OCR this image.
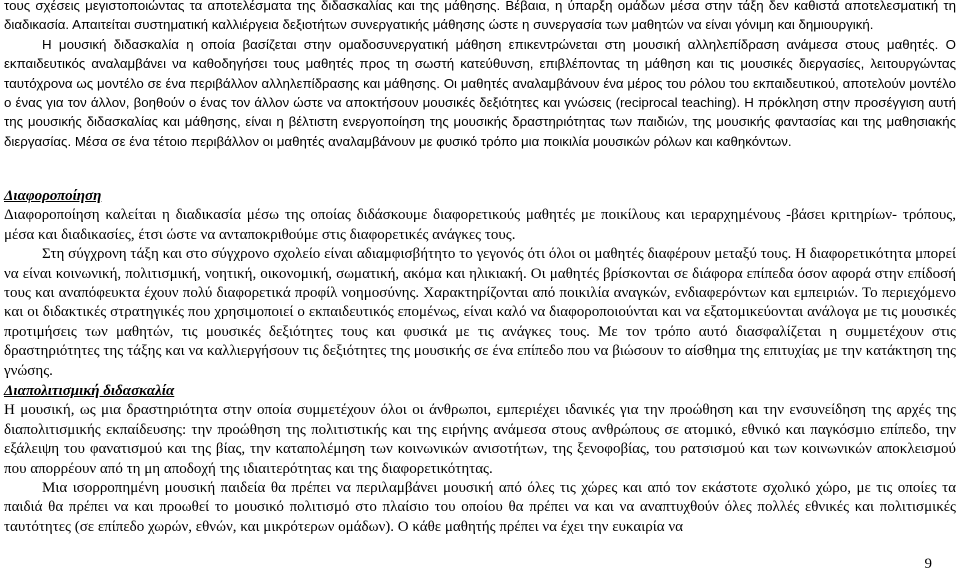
τους σχέσεις μεγιστοποιώντας τα αποτελέσματα της διδασκαλίας και της μάθησης. Βέβαια, η ύπαρξη ομάδων μέσα στην τάξη δεν καθιστά αποτελεσματική τη διαδικασία. Απαιτείται συστηματική καλλιέργεια δεξιοτήτων συνεργατικής μάθησης ώστε η συνεργασία των μαθητών να είναι γόνιμη και δημιουργική.

Η μουσική διδασκαλία η οποία βασίζεται στην ομαδοσυνεργατική μάθηση επικεντρώνεται στη μουσική αλληλεπίδραση ανάμεσα στους μαθητές. Ο εκπαιδευτικός αναλαμβάνει να καθοδηγήσει τους μαθητές προς τη σωστή κατεύθυνση, επιβλέποντας τη μάθηση και τις μουσικές διεργασίες, λειτουργώντας ταυτόχρονα ως μοντέλο σε ένα περιβάλλον αλληλεπίδρασης και μάθησης. Οι μαθητές αναλαμβάνουν ένα μέρος του ρόλου του εκπαιδευτικού, αποτελούν μοντέλο ο ένας για τον άλλον, βοηθούν ο ένας τον άλλον ώστε να αποκτήσουν μουσικές δεξιότητες και γνώσεις (reciprocal teaching). Η πρόκληση στην προσέγγιση αυτή της μουσικής διδασκαλίας και μάθησης, είναι η βέλτιστη ενεργοποίηση της μουσικής δραστηριότητας των παιδιών, της μουσικής φαντασίας και της μαθησιακής διεργασίας. Μέσα σε ένα τέτοιο περιβάλλον οι μαθητές αναλαμβάνουν με φυσικό τρόπο μια ποικιλία μουσικών ρόλων και καθηκόντων.

Διαφοροποίηση

Διαφοροποίηση καλείται η διαδικασία μέσω της οποίας διδάσκουμε διαφορετικούς μαθητές με ποικίλους και ιεραρχημένους -βάσει κριτηρίων- τρόπους, μέσα και διαδικασίες, έτσι ώστε να ανταποκριθούμε στις διαφορετικές ανάγκες τους.

Στη σύγχρονη τάξη και στο σύγχρονο σχολείο είναι αδιαμφισβήτητο το γεγονός ότι όλοι οι μαθητές διαφέρουν μεταξύ τους. Η διαφορετικότητα μπορεί να είναι κοινωνική, πολιτισμική, νοητική, οικονομική, σωματική, ακόμα και ηλικιακή. Οι μαθητές βρίσκονται σε διάφορα επίπεδα όσον αφορά στην επίδοσή τους και αναπόφευκτα έχουν πολύ διαφορετικά προφίλ νοημοσύνης. Χαρακτηρίζονται από ποικιλία αναγκών, ενδιαφερόντων και εμπειριών. Το περιεχόμενο και οι διδακτικές στρατηγικές που χρησιμοποιεί ο εκπαιδευτικός επομένως, είναι καλό να διαφοροποιούνται και να εξατομικεύονται ανάλογα με τις μουσικές προτιμήσεις των μαθητών, τις μουσικές δεξιότητες τους και φυσικά με τις ανάγκες τους. Με τον τρόπο αυτό διασφαλίζεται η συμμετέχουν στις δραστηριότητες της τάξης και να καλλιεργήσουν τις δεξιότητες της μουσικής σε ένα επίπεδο που να βιώσουν το αίσθημα της επιτυχίας με την κατάκτηση της γνώσης.

Διαπολιτισμική διδασκαλία

Η μουσική, ως μια δραστηριότητα στην οποία συμμετέχουν όλοι οι άνθρωποι, εμπεριέχει ιδανικές για την προώθηση και την ενσυνείδηση της αρχές της διαπολιτισμικής εκπαίδευσης: την προώθηση της πολιτιστικής και της ειρήνης ανάμεσα στους ανθρώπους σε ατομικό, εθνικό και παγκόσμιο επίπεδο, την εξάλειψη του φανατισμού και της βίας, την καταπολέμηση των κοινωνικών ανισοτήτων, της ξενοφοβίας, του ρατσισμού και των κοινωνικών αποκλεισμού που απορρέουν από τη μη αποδοχή της ιδιαιτερότητας και της διαφορετικότητας.

Μια ισορροπημένη μουσική παιδεία θα πρέπει να περιλαμβάνει μουσική από όλες τις χώρες και από τον εκάστοτε σχολικό χώρο, με τις οποίες τα παιδιά θα πρέπει να και προωθεί το μουσικό πολιτισμό στο πλαίσιο του οποίου θα πρέπει να και να αναπτυχθούν όλες πολλές εθνικές και πολιτισμικές ταυτότητες (σε επίπεδο χωρών, εθνών, και μικρότερων ομάδων). Ο κάθε μαθητής πρέπει να έχει την ευκαιρία να

9
